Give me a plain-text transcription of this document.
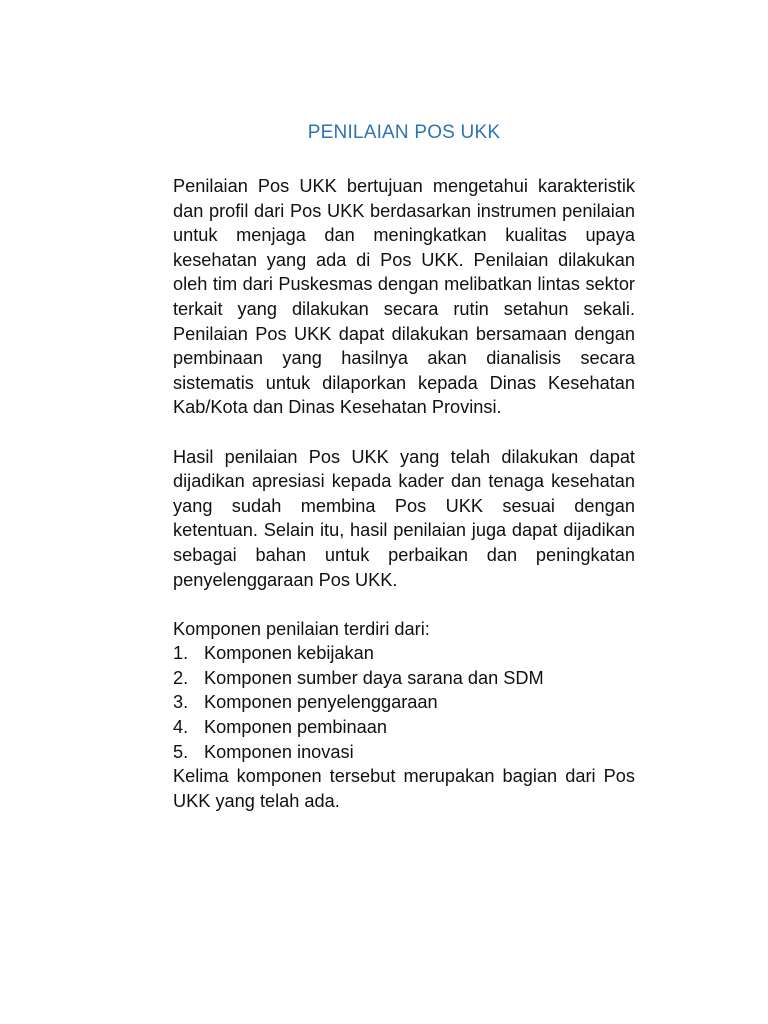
PENILAIAN POS UKK

Penilaian Pos UKK bertujuan mengetahui karakteristik dan profil dari Pos UKK berdasarkan instrumen penilaian untuk menjaga dan meningkatkan kualitas upaya kesehatan yang ada di Pos UKK. Penilaian dilakukan oleh tim dari Puskesmas dengan melibatkan lintas sektor terkait yang dilakukan secara rutin setahun sekali. Penilaian Pos UKK dapat dilakukan bersamaan dengan pembinaan yang hasilnya akan dianalisis secara sistematis untuk dilaporkan kepada Dinas Kesehatan Kab/Kota dan Dinas Kesehatan Provinsi.

Hasil penilaian Pos UKK yang telah dilakukan dapat dijadikan apresiasi kepada kader dan tenaga kesehatan yang sudah membina Pos UKK sesuai dengan ketentuan. Selain itu, hasil penilaian juga dapat dijadikan sebagai bahan untuk perbaikan dan peningkatan penyelenggaraan Pos UKK.

Komponen penilaian terdiri dari:

1. Komponen kebijakan
2. Komponen sumber daya sarana dan SDM
3. Komponen penyelenggaraan
4. Komponen pembinaan
5. Komponen inovasi

Kelima komponen tersebut merupakan bagian dari Pos UKK yang telah ada.
